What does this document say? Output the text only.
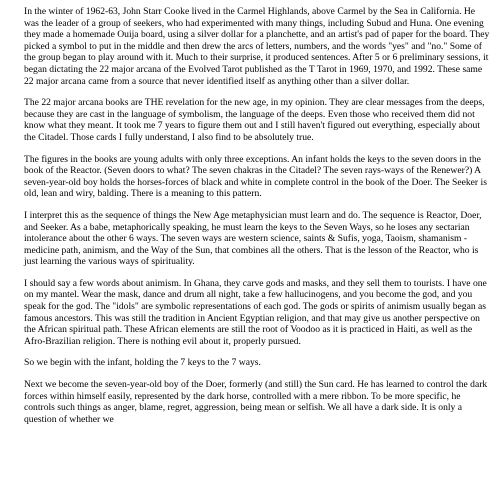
In the winter of 1962-63, John Starr Cooke lived in the Carmel Highlands, above Carmel by the Sea in California. He was the leader of a group of seekers, who had experimented with many things, including Subud and Huna. One evening they made a homemade Ouija board, using a silver dollar for a planchette, and an artist's pad of paper for the board. They picked a symbol to put in the middle and then drew the arcs of letters, numbers, and the words "yes" and "no." Some of the group began to play around with it. Much to their surprise, it produced sentences. After 5 or 6 preliminary sessions, it began dictating the 22 major arcana of the Evolved Tarot published as the T Tarot in 1969, 1970, and 1992. These same 22 major arcana came from a source that never identified itself as anything other than a silver dollar.

The 22 major arcana books are THE revelation for the new age, in my opinion. They are clear messages from the deeps, because they are cast in the language of symbolism, the language of the deeps. Even those who received them did not know what they meant. It took me 7 years to figure them out and I still haven't figured out everything, especially about the Citadel. Those cards I fully understand, I also find to be absolutely true.

The figures in the books are young adults with only three exceptions. An infant holds the keys to the seven doors in the book of the Reactor. (Seven doors to what? The seven chakras in the Citadel? The seven rays-ways of the Renewer?) A seven-year-old boy holds the horses-forces of black and white in complete control in the book of the Doer. The Seeker is old, lean and wiry, balding. There is a meaning to this pattern.

I interpret this as the sequence of things the New Age metaphysician must learn and do. The sequence is Reactor, Doer, and Seeker. As a babe, metaphorically speaking, he must learn the keys to the Seven Ways, so he loses any sectarian intolerance about the other 6 ways. The seven ways are western science, saints & Sufis, yoga, Taoism, shamanism - medicine path, animism, and the Way of the Sun, that combines all the others. That is the lesson of the Reactor, who is just learning the various ways of spirituality.

I should say a few words about animism. In Ghana, they carve gods and masks, and they sell them to tourists. I have one on my mantel. Wear the mask, dance and drum all night, take a few hallucinogens, and you become the god, and you speak for the god. The "idols" are symbolic representations of each god. The gods or spirits of animism usually began as famous ancestors. This was still the tradition in Ancient Egyptian religion, and that may give us another perspective on the African spiritual path. These African elements are still the root of Voodoo as it is practiced in Haiti, as well as the Afro-Brazilian religion. There is nothing evil about it, properly pursued.

So we begin with the infant, holding the 7 keys to the 7 ways.

Next we become the seven-year-old boy of the Doer, formerly (and still) the Sun card. He has learned to control the dark forces within himself easily, represented by the dark horse, controlled with a mere ribbon. To be more specific, he controls such things as anger, blame, regret, aggression, being mean or selfish. We all have a dark side. It is only a question of whether we
